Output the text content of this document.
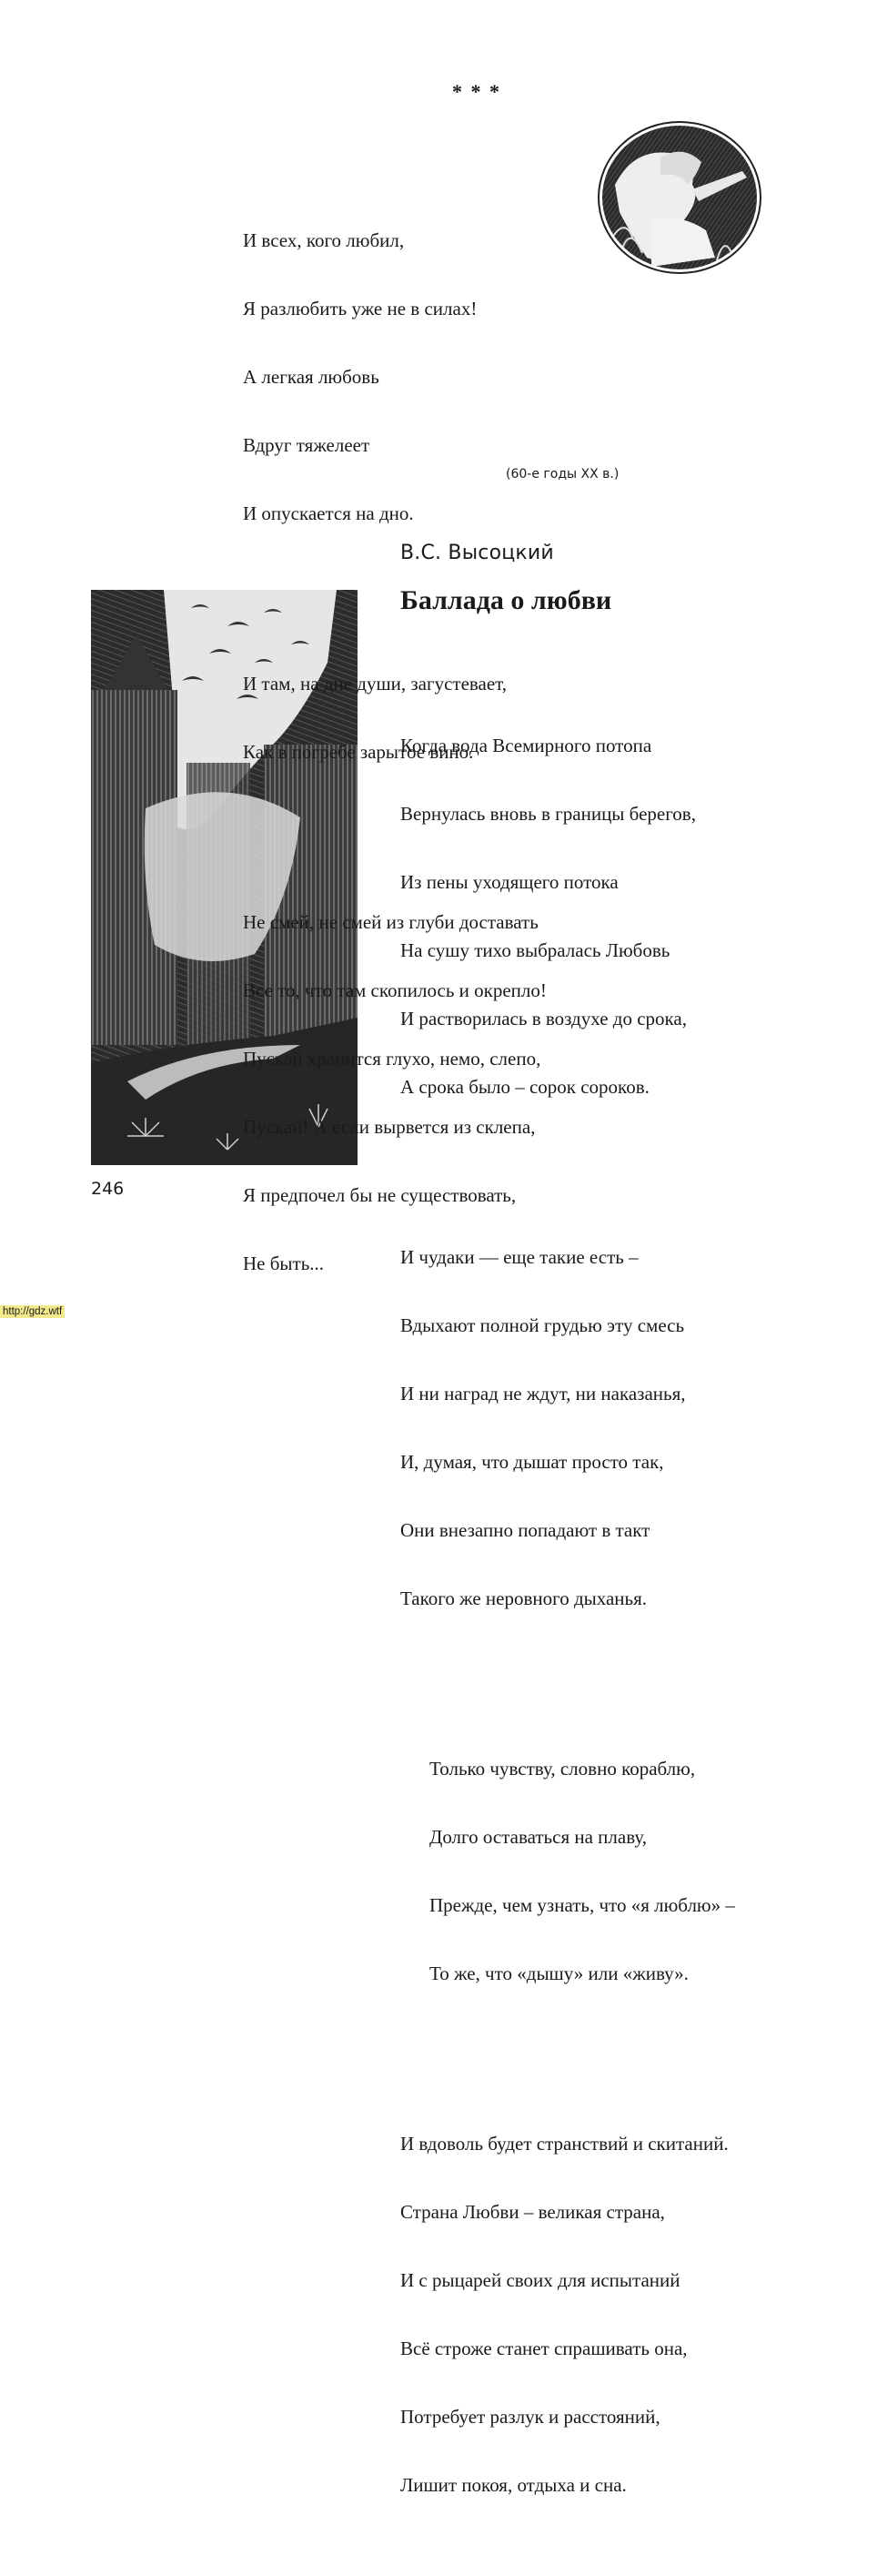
* * *

И всех, кого любил,

Я разлюбить уже не в силах!

А легкая любовь

Вдруг тяжелеет

И опускается на дно.

И там, на дне души, загустевает,

Как в погребе зарытое вино.

Не смей, не смей из глуби доставать

Все то, что там скопилось и окрепло!

Пускай хранится глухо, немо, слепо,

Пускай! А если вырвется из склепа,

Я предпочел бы не существовать,

Не быть...

(60-е годы XX в.)
В.С. Высоцкий
Баллада о любви

Когда вода Всемирного потопа

Вернулась вновь в границы берегов,

Из пены уходящего потока

На сушу тихо выбралась Любовь

И растворилась в воздухе до срока,

А срока было – сорок сороков.

И чудаки — еще такие есть –

Вдыхают полной грудью эту смесь

И ни наград не ждут, ни наказанья,

И, думая, что дышат просто так,

Они внезапно попадают в такт

Такого же неровного дыханья.

Только чувству, словно кораблю,

Долго оставаться на плаву,

Прежде, чем узнать, что «я люблю» –

То же, что «дышу» или «живу».

И вдоволь будет странствий и скитаний.

Страна Любви – великая страна,

И с рыцарей своих для испытаний

Всё строже станет спрашивать она,

Потребует разлук и расстояний,

Лишит покоя, отдыха и сна.

246
http://gdz.wtf
